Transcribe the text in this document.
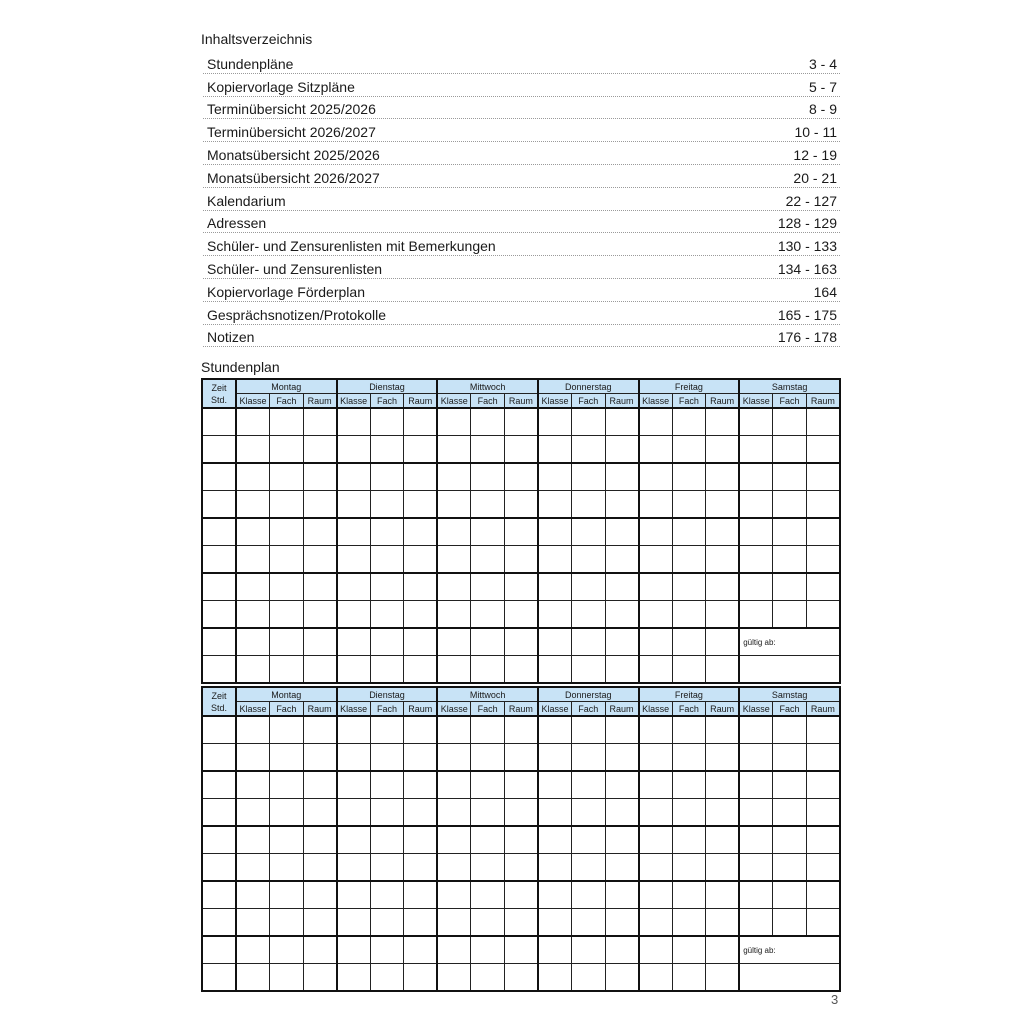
Inhaltsverzeichnis
Stundenpläne	3 - 4
Kopiervorlage Sitzpläne	5 - 7
Terminübersicht 2025/2026	8 - 9
Terminübersicht 2026/2027	10 - 11
Monatsübersicht 2025/2026	12 - 19
Monatsübersicht 2026/2027	20 - 21
Kalendarium	22 - 127
Adressen	128 - 129
Schüler- und Zensurenlisten mit Bemerkungen	130 - 133
Schüler- und Zensurenlisten	134 - 163
Kopiervorlage Förderplan	164
Gesprächsnotizen/Protokolle	165 - 175
Notizen	176 - 178
Stundenplan
Zeit
Std.	Montag			Dienstag			Mittwoch			Donnerstag			Freitag			Samstag		
	Klasse	Fach	Raum	Klasse	Fach	Raum	Klasse	Fach	Raum	Klasse	Fach	Raum	Klasse	Fach	Raum	Klasse	Fach	Raum

																gültig ab:		

Zeit
Std.	Montag			Dienstag			Mittwoch			Donnerstag			Freitag			Samstag		
	Klasse	Fach	Raum	Klasse	Fach	Raum	Klasse	Fach	Raum	Klasse	Fach	Raum	Klasse	Fach	Raum	Klasse	Fach	Raum

																gültig ab:		

3
